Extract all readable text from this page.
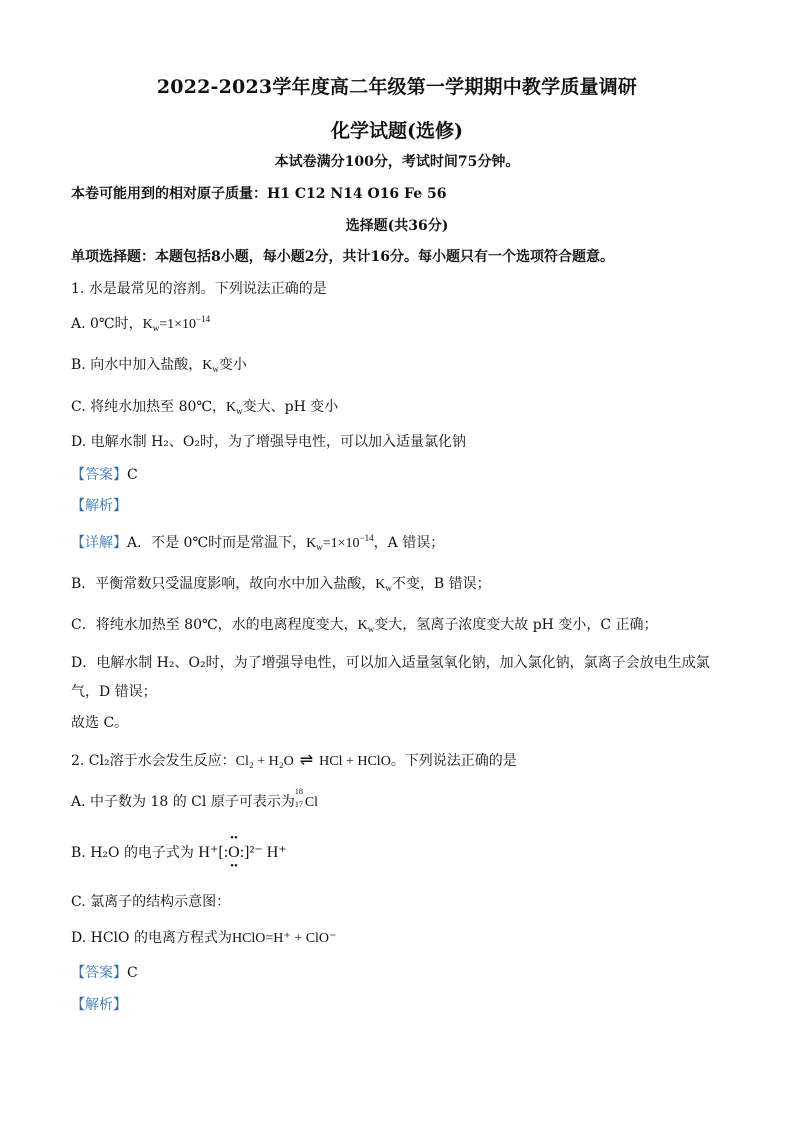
2022-2023学年度高二年级第一学期期中教学质量调研
化学试题(选修)
本试卷满分100分，考试时间75分钟。
本卷可能用到的相对原子质量：H1 C12 N14 O16 Fe 56
选择题(共36分)
单项选择题：本题包括8小题，每小题2分，共计16分。每小题只有一个选项符合题意。
1. 水是最常见的溶剂。下列说法正确的是
A. 0℃时，$K_w=1\times 10^{-14}$
B. 向水中加入盐酸，$K_w$变小
C. 将纯水加热至 80℃，$K_w$变大、pH 变小
D. 电解水制 H₂、O₂时，为了增强导电性，可以加入适量氯化钠
【答案】C
【解析】
【详解】A．不是 0℃时而是常温下，$K_w=1\times 10^{-14}$，A 错误；
B．平衡常数只受温度影响，故向水中加入盐酸，$K_w$不变，B 错误；
C．将纯水加热至 80℃，水的电离程度变大，$K_w$变大，氢离子浓度变大故 pH 变小，C 正确；
D．电解水制 H₂、O₂时，为了增强导电性，可以加入适量氢氧化钠，加入氯化钠，氯离子会放电生成氯
气，D 错误；
故选 C。
2. Cl₂溶于水会发生反应：Cl₂ + H₂O ⇌ HCl + HClO。下列说法正确的是
A. 中子数为 18 的 Cl 原子可表示为
18
17 Cl
B. H₂O 的电子式为 H⁺[:
••
O
••
:]²⁻ H⁺
C. 氯离子的结构示意图：
D. HClO 的电离方程式为HClO=H⁺ + ClO⁻
【答案】C
【解析】
